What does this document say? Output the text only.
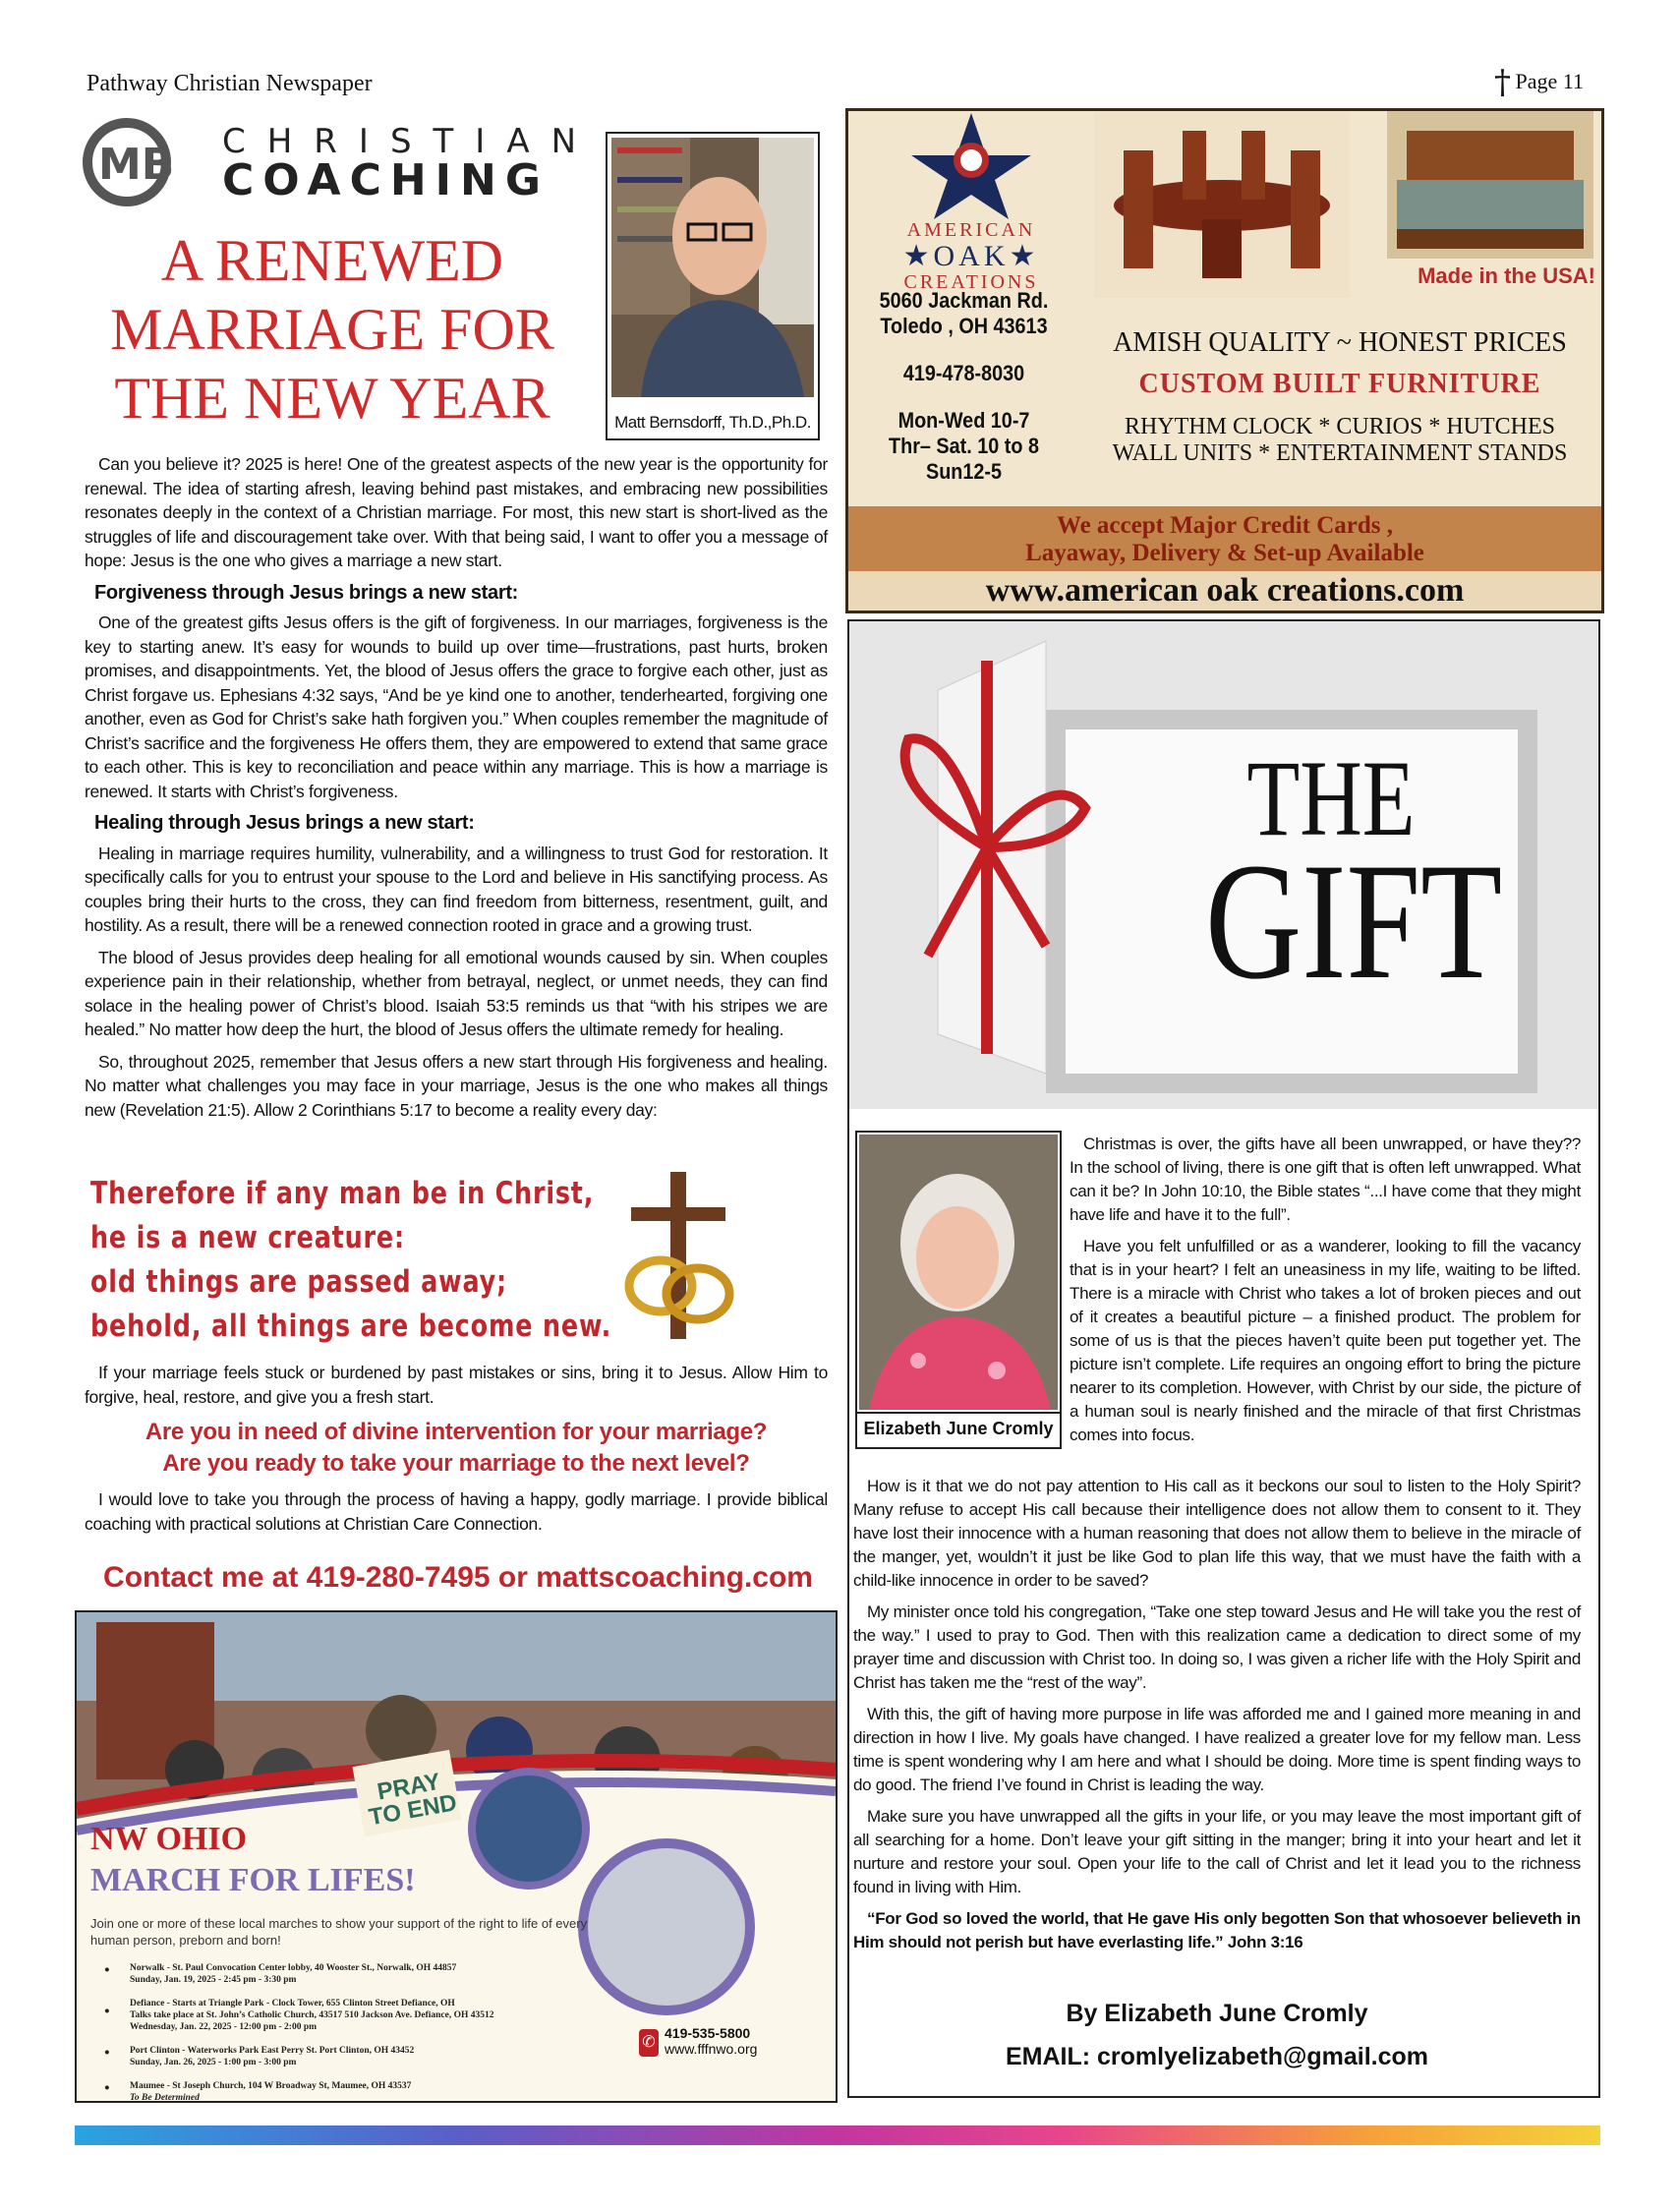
Pathway Christian Newspaper	† Page 11
MB CHRISTIAN
COACHING
A RENEWED
MARRIAGE FOR
THE NEW YEAR	Matt Bernsdorff, Th.D.,Ph.D.

Can you believe it? 2025 is here! One of the greatest aspects of the new year is the opportunity for renewal. The idea of starting afresh, leaving behind past mistakes, and embracing new possibilities resonates deeply in the context of a Christian marriage. For most, this new start is short-lived as the struggles of life and discouragement take over. With that being said, I want to offer you a message of hope: Jesus is the one who gives a marriage a new start.

Forgiveness through Jesus brings a new start:

One of the greatest gifts Jesus offers is the gift of forgiveness. In our marriages, forgiveness is the key to starting anew. It’s easy for wounds to build up over time—frustrations, past hurts, broken promises, and disappointments. Yet, the blood of Jesus offers the grace to forgive each other, just as Christ forgave us. Ephesians 4:32 says, “And be ye kind one to another, tenderhearted, forgiving one another, even as God for Christ’s sake hath forgiven you.” When couples remember the magnitude of Christ’s sacrifice and the forgiveness He offers them, they are empowered to extend that same grace to each other. This is key to reconciliation and peace within any marriage. This is how a marriage is renewed. It starts with Christ’s forgiveness.

Healing through Jesus brings a new start:

Healing in marriage requires humility, vulnerability, and a willingness to trust God for restoration. It specifically calls for you to entrust your spouse to the Lord and believe in His sanctifying process. As couples bring their hurts to the cross, they can find freedom from bitterness, resentment, guilt, and hostility. As a result, there will be a renewed connection rooted in grace and a growing trust.

The blood of Jesus provides deep healing for all emotional wounds caused by sin. When couples experience pain in their relationship, whether from betrayal, neglect, or unmet needs, they can find solace in the healing power of Christ’s blood. Isaiah 53:5 reminds us that “with his stripes we are healed.” No matter how deep the hurt, the blood of Jesus offers the ultimate remedy for healing.

So, throughout 2025, remember that Jesus offers a new start through His forgiveness and healing. No matter what challenges you may face in your marriage, Jesus is the one who makes all things new (Revelation 21:5). Allow 2 Corinthians 5:17 to become a reality every day:

Therefore if any man be in Christ,
he is a new creature:
old things are passed away;
behold, all things are become new.

If your marriage feels stuck or burdened by past mistakes or sins, bring it to Jesus. Allow Him to forgive, heal, restore, and give you a fresh start.

Are you in need of divine intervention for your marriage?
Are you ready to take your marriage to the next level?

I would love to take you through the process of having a happy, godly marriage. I provide biblical coaching with practical solutions at Christian Care Connection.

Contact me at 419-280-7495 or mattscoaching.com
AMERICAN
★OAK★
CREATIONS
5060 Jackman Rd.
Toledo , OH 43613
419-478-8030
Mon-Wed 10-7
Thr– Sat. 10 to 8
Sun12-5
Made in the USA!
AMISH QUALITY ~ HONEST PRICES
CUSTOM BUILT FURNITURE
RHYTHM CLOCK * CURIOS * HUTCHES
WALL UNITS * ENTERTAINMENT STANDS
We accept Major Credit Cards ,
Layaway, Delivery & Set-up Available
www.american oak creations.com
THE
GIFT
Elizabeth June Cromly

Christmas is over, the gifts have all been unwrapped, or have they?? In the school of living, there is one gift that is often left unwrapped. What can it be? In John 10:10, the Bible states “...I have come that they might have life and have it to the full”.

Have you felt unfulfilled or as a wanderer, looking to fill the vacancy that is in your heart? I felt an uneasiness in my life, waiting to be lifted. There is a miracle with Christ who takes a lot of broken pieces and out of it creates a beautiful picture – a finished product. The problem for some of us is that the pieces haven’t quite been put together yet. The picture isn’t complete. Life requires an ongoing effort to bring the picture nearer to its completion. However, with Christ by our side, the picture of a human soul is nearly finished and the miracle of that first Christmas comes into focus.

How is it that we do not pay attention to His call as it beckons our soul to listen to the Holy Spirit? Many refuse to accept His call because their intelligence does not allow them to consent to it. They have lost their innocence with a human reasoning that does not allow them to believe in the miracle of the manger, yet, wouldn’t it just be like God to plan life this way, that we must have the faith with a child-like innocence in order to be saved?

My minister once told his congregation, “Take one step toward Jesus and He will take you the rest of the way.” I used to pray to God. Then with this realization came a dedication to direct some of my prayer time and discussion with Christ too. In doing so, I was given a richer life with the Holy Spirit and Christ has taken me the “rest of the way”.

With this, the gift of having more purpose in life was afforded me and I gained more meaning in and direction in how I live. My goals have changed. I have realized a greater love for my fellow man. Less time is spent wondering why I am here and what I should be doing. More time is spent finding ways to do good. The friend I’ve found in Christ is leading the way.

Make sure you have unwrapped all the gifts in your life, or you may leave the most important gift of all searching for a home. Don’t leave your gift sitting in the manger; bring it into your heart and let it nurture and restore your soul. Open your life to the call of Christ and let it lead you to the richness found in living with Him.

“For God so loved the world, that He gave His only begotten Son that whosoever believeth in Him should not perish but have everlasting life.” John 3:16

By Elizabeth June Cromly
EMAIL: cromlyelizabeth@gmail.com
PRAY TO END
NW OHIO
MARCH FOR LIFES!
Join one or more of these local marches to show your support of the right to life of every human person, preborn and born!
● Norwalk - St. Paul Convocation Center lobby, 40 Wooster St., Norwalk, OH 44857
Sunday, Jan. 19, 2025 - 2:45 pm - 3:30 pm
●
Defiance - Starts at Triangle Park - Clock Tower, 655 Clinton Street Defiance, OH
Talks take place at St. John’s Catholic Church, 43517 510 Jackson Ave. Defiance, OH 43512
Wednesday, Jan. 22, 2025 - 12:00 pm - 2:00 pm
● Port Clinton - Waterworks Park East Perry St. Port Clinton, OH 43452
Sunday, Jan. 26, 2025 - 1:00 pm - 3:00 pm
● Maumee - St Joseph Church, 104 W Broadway St, Maumee, OH 43537
To Be Determined
✆
419-535-5800
www.fffnwo.org
